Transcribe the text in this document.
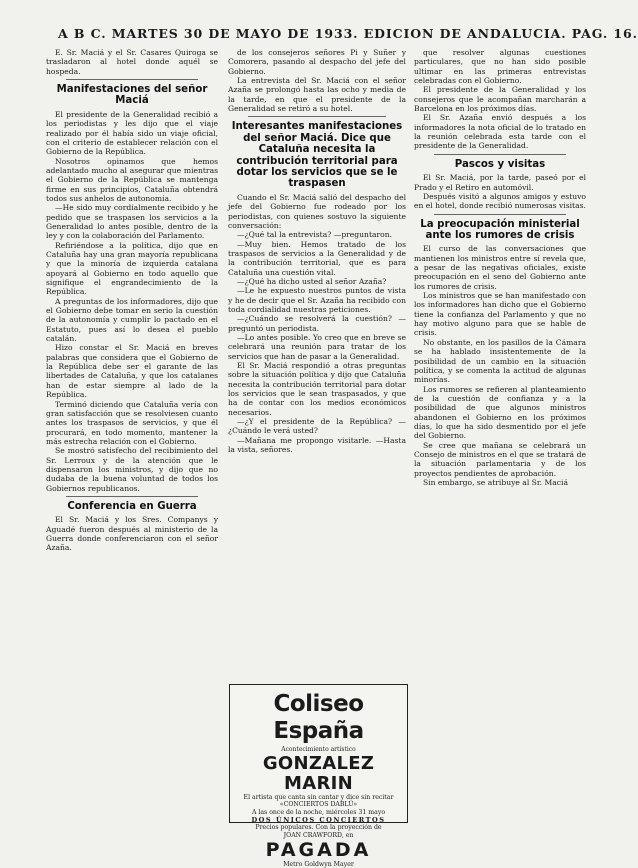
A B C. MARTES 30 DE MAYO DE 1933. EDICION DE ANDALUCIA. PAG. 16.

E. Sr. Maciá y el Sr. Casares Quiroga se trasladaron al hotel donde aquél se hospeda.

Manifestaciones del señor Maciá

El presidente de la Generalidad recibió a los periodistas y les dijo que el viaje realizado por él había sido un viaje oficial, con el criterio de establecer relación con el Gobierno de la República.

Nosotros opinamos que hemos adelantado mucho al asegurar que mientras el Gobierno de la República se mantenga firme en sus principios, Cataluña obtendrá todos sus anhelos de autonomía.

—He sido muy cordialmente recibido y he pedido que se traspasen los servicios a la Generalidad lo antes posible, dentro de la ley y con la colaboración del Parlamento.

Refiriéndose a la política, dijo que en Cataluña hay una gran mayoría republicana y que la minoría de izquierda catalana apoyará al Gobierno en todo aquello que signifique el engrandecimiento de la República.

A preguntas de los informadores, dijo que el Gobierno debe tomar en serio la cuestión de la autonomía y cumplir lo pactado en el Estatuto, pues así lo desea el pueblo catalán.

Hizo constar el Sr. Maciá en breves palabras que considera que el Gobierno de la República debe ser el garante de las libertades de Cataluña, y que los catalanes han de estar siempre al lado de la República.

Terminó diciendo que Cataluña vería con gran satisfacción que se resolviesen cuanto antes los traspasos de servicios, y que él procurará, en todo momento, mantener la más estrecha relación con el Gobierno.

Se mostró satisfecho del recibimiento del Sr. Lerroux y de la atención que le dispensaron los ministros, y dijo que no dudaba de la buena voluntad de todos los Gobiernos republicanos.

Conferencia en Guerra

El Sr. Maciá y los Sres. Companys y Aguadé fueron después al ministerio de la Guerra donde conferenciaron con el señor Azaña.

de los consejeros señores Pi y Suñer y Comorera, pasando al despacho del jefe del Gobierno.

La entrevista del Sr. Maciá con el señor Azaña se prolongó hasta las ocho y media de la tarde, en que el presidente de la Generalidad se retiró a su hotel.

Interesantes manifestaciones del señor Maciá. Dice que Cataluña necesita la contribución territorial para dotar los servicios que se le traspasen

Cuando el Sr. Maciá salió del despacho del jefe del Gobierno fue rodeado por los periodistas, con quienes sostuvo la siguiente conversación:

—¿Qué tal la entrevista? —preguntaron.

—Muy bien. Hemos tratado de los traspasos de servicios a la Generalidad y de la contribución territorial, que es para Cataluña una cuestión vital.

—¿Qué ha dicho usted al señor Azaña?

—Le he expuesto nuestros puntos de vista y he de decir que el Sr. Azaña ha recibido con toda cordialidad nuestras peticiones.

—¿Cuándo se resolverá la cuestión? —preguntó un periodista.

—Lo antes posible. Yo creo que en breve se celebrará una reunión para tratar de los servicios que han de pasar a la Generalidad.

El Sr. Maciá respondió a otras preguntas sobre la situación política y dijo que Cataluña necesita la contribución territorial para dotar los servicios que le sean traspasados, y que ha de contar con los medios económicos necesarios.

—¿Y el presidente de la República? —¿Cuándo le verá usted?

—Mañana me propongo visitarle. —Hasta la vista, señores.

Coliseo España
Acontecimiento artístico
GONZALEZ MARIN
El artista que canta sin cantar y dice sin recitar
«CONCIERTOS DABLÚ»
A las once de la noche, miércoles 31 mayo
DOS ÚNICOS CONCIERTOS
Precios populares. Con la proyección de
JOAN CRAWFORD, en
PAGADA
Metro Goldwyn Mayer

que resolver algunas cuestiones particulares, que no han sido posible ultimar en las primeras entrevistas celebradas con el Gobierno.

El presidente de la Generalidad y los consejeros que le acompañan marcharán a Barcelona en los próximos días.

El Sr. Azaña envió después a los informadores la nota oficial de lo tratado en la reunión celebrada esta tarde con el presidente de la Generalidad.

Pascos y visitas

El Sr. Maciá, por la tarde, paseó por el Prado y el Retiro en automóvil.

Después visitó a algunos amigos y estuvo en el hotel, donde recibió numerosas visitas.

La preocupación ministerial ante los rumores de crisis

El curso de las conversaciones que mantienen los ministros entre sí revela que, a pesar de las negativas oficiales, existe preocupación en el seno del Gobierno ante los rumores de crisis.

Los ministros que se han manifestado con los informadores han dicho que el Gobierno tiene la confianza del Parlamento y que no hay motivo alguno para que se hable de crisis.

No obstante, en los pasillos de la Cámara se ha hablado insistentemente de la posibilidad de un cambio en la situación política, y se comenta la actitud de algunas minorías.

Los rumores se refieren al planteamiento de la cuestión de confianza y a la posibilidad de que algunos ministros abandonen el Gobierno en los próximos días, lo que ha sido desmentido por el jefe del Gobierno.

Se cree que mañana se celebrará un Consejo de ministros en el que se tratará de la situación parlamentaria y de los proyectos pendientes de aprobación.

Sin embargo, se atribuye al Sr. Maciá
